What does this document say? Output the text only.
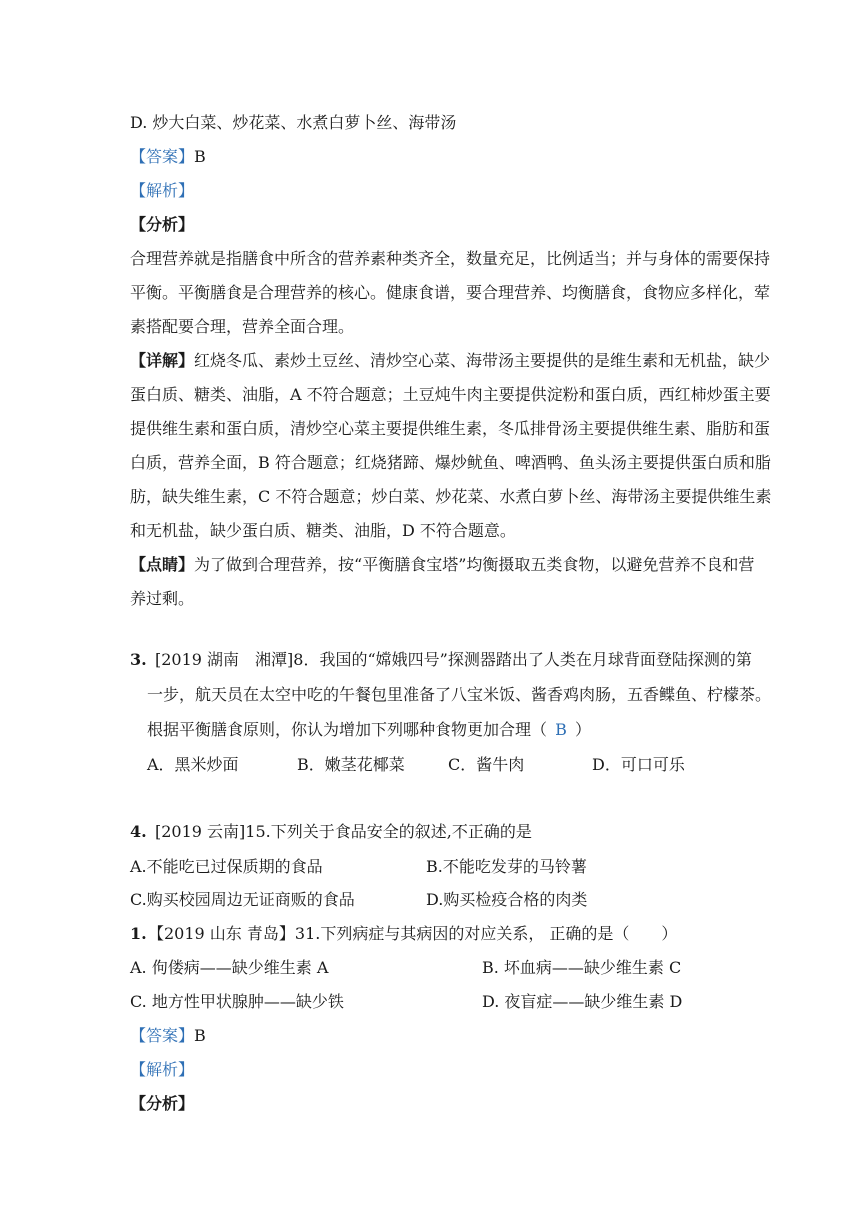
D. 炒大白菜、炒花菜、水煮白萝卜丝、海带汤
【答案】B
【解析】
【分析】
合理营养就是指膳食中所含的营养素种类齐全，数量充足，比例适当；并与身体的需要保持
平衡。平衡膳食是合理营养的核心。健康食谱，要合理营养、均衡膳食，食物应多样化，荤
素搭配要合理，营养全面合理。
【详解】红烧冬瓜、素炒土豆丝、清炒空心菜、海带汤主要提供的是维生素和无机盐，缺少
蛋白质、糖类、油脂，A 不符合题意；土豆炖牛肉主要提供淀粉和蛋白质，西红柿炒蛋主要
提供维生素和蛋白质，清炒空心菜主要提供维生素，冬瓜排骨汤主要提供维生素、脂肪和蛋
白质，营养全面，B 符合题意；红烧猪蹄、爆炒鱿鱼、啤酒鸭、鱼头汤主要提供蛋白质和脂
肪，缺失维生素，C 不符合题意；炒白菜、炒花菜、水煮白萝卜丝、海带汤主要提供维生素
和无机盐，缺少蛋白质、糖类、油脂，D 不符合题意。
【点睛】为了做到合理营养，按“平衡膳食宝塔”均衡摄取五类食物，以避免营养不良和营
养过剩。
3. [2019 湖南　湘潭]8．我国的“嫦娥四号”探测器踏出了人类在月球背面登陆探测的第
一步，航天员在太空中吃的午餐包里准备了八宝米饭、酱香鸡肉肠，五香鲽鱼、柠檬茶。
根据平衡膳食原则，你认为增加下列哪种食物更加合理（ B ）
A．黑米炒面	B．嫩茎花椰菜	C．酱牛肉	D．可口可乐
4. [2019 云南]15.下列关于食品安全的叙述,不正确的是
A.不能吃已过保质期的食品	B.不能吃发芽的马铃薯
C.购买校园周边无证商贩的食品	D.购买检疫合格的肉类
1. 【2019 山东 青岛】31.下列病症与其病因的对应关系， 正确的是（　　）
A. 佝偻病——缺少维生素 A	B. 坏血病——缺少维生素 C
C. 地方性甲状腺肿——缺少铁	D. 夜盲症——缺少维生素 D
【答案】B
【解析】
【分析】
